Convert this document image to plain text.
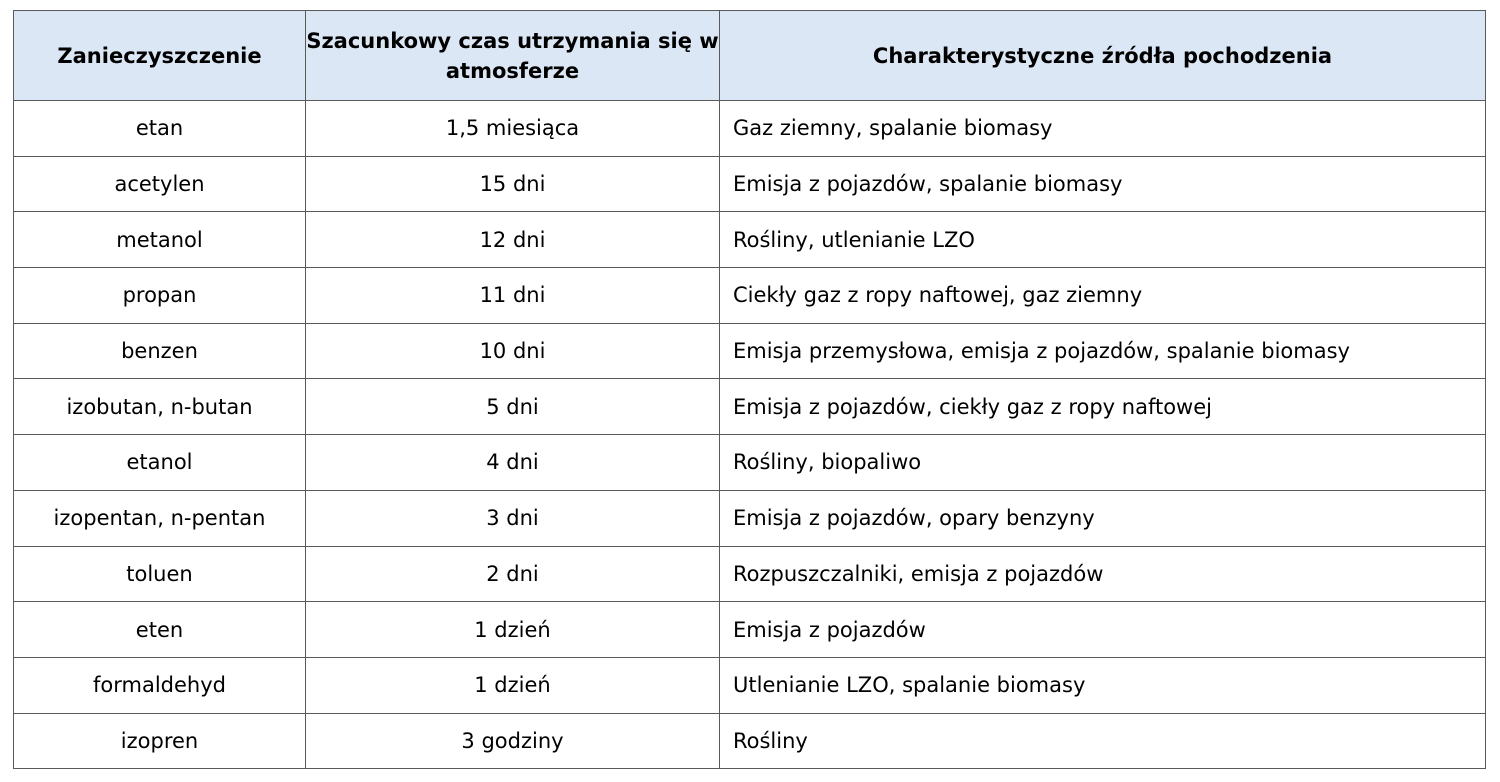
Zanieczyszczenie	Szacunkowy czas utrzymania się w atmosferze	Charakterystyczne źródła pochodzenia
etan	1,5 miesiąca	Gaz ziemny, spalanie biomasy
acetylen	15 dni	Emisja z pojazdów, spalanie biomasy
metanol	12 dni	Rośliny, utlenianie LZO
propan	11 dni	Ciekły gaz z ropy naftowej, gaz ziemny
benzen	10 dni	Emisja przemysłowa, emisja z pojazdów, spalanie biomasy
izobutan, n-butan	5 dni	Emisja z pojazdów, ciekły gaz z ropy naftowej
etanol	4 dni	Rośliny, biopaliwo
izopentan, n-pentan	3 dni	Emisja z pojazdów, opary benzyny
toluen	2 dni	Rozpuszczalniki, emisja z pojazdów
eten	1 dzień	Emisja z pojazdów
formaldehyd	1 dzień	Utlenianie LZO, spalanie biomasy
izopren	3 godziny	Rośliny
